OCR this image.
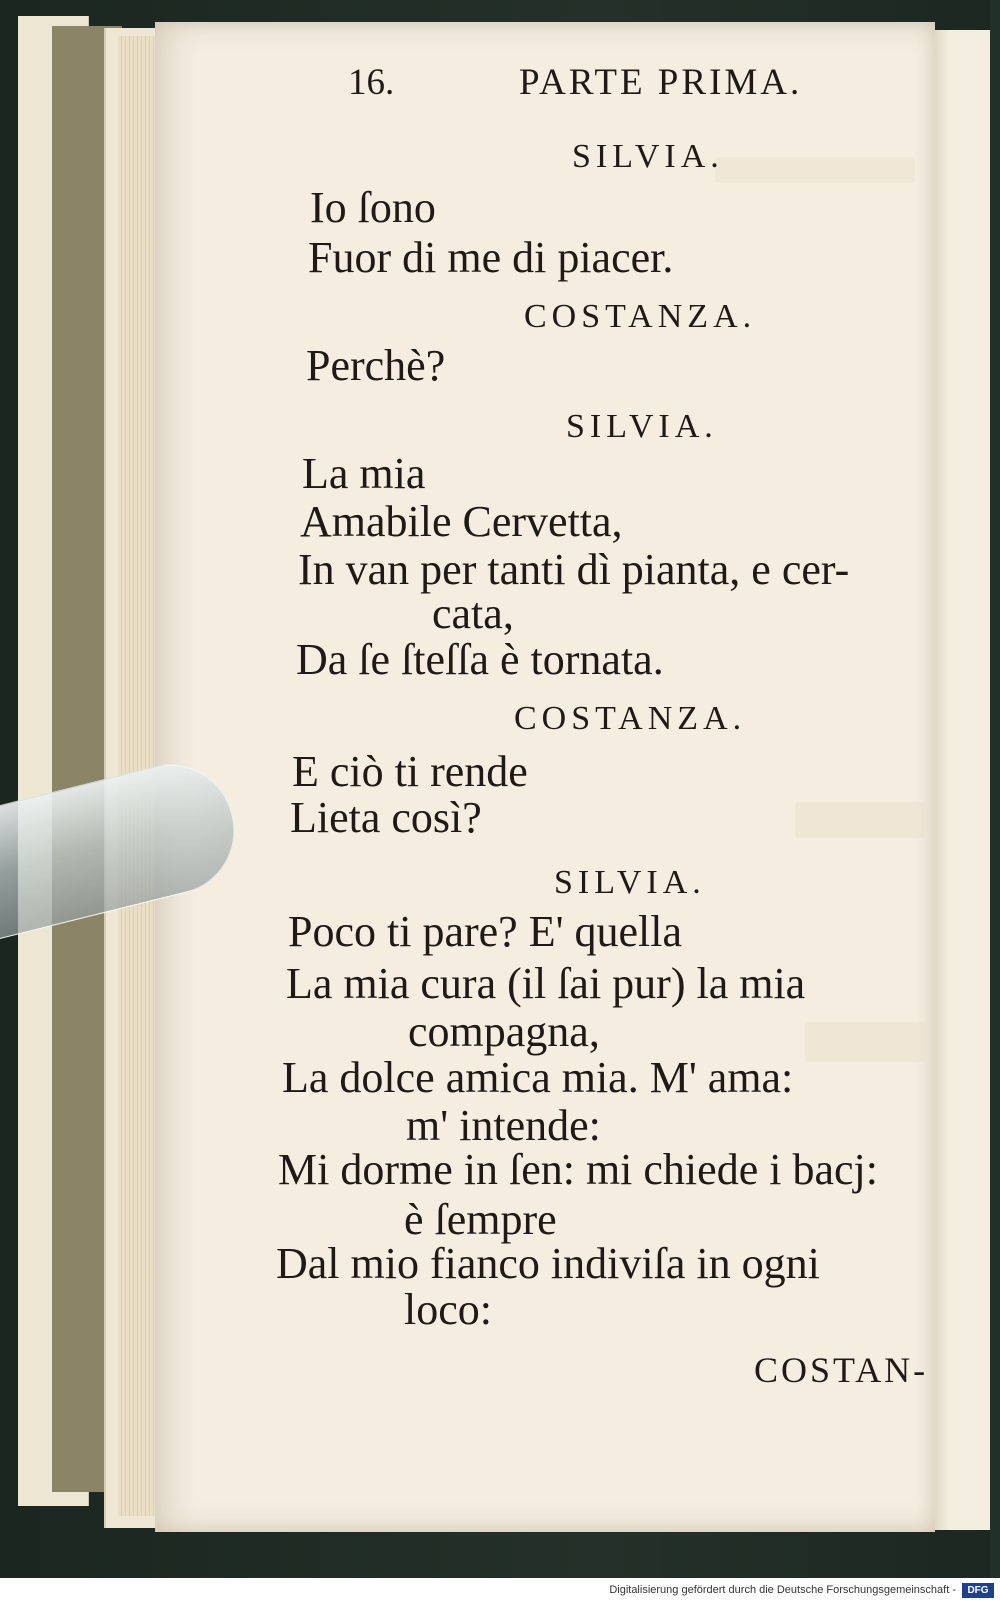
16.	PARTE PRIMA.
SILVIA.
Io ſono
Fuor di me di piacer.
COSTANZA.
Perchè?
SILVIA.
La mia
Amabile Cervetta,
In van per tanti dì pianta, e cer-
cata,
Da ſe ſteſſa è tornata.
COSTANZA.
E ciò ti rende
Lieta così?
SILVIA.
Poco ti pare? E' quella
La mia cura (il ſai pur) la mia
compagna,
La dolce amica mia. M' ama:
m' intende:
Mi dorme in ſen: mi chiede i bacj:
è ſempre
Dal mio fianco indiviſa in ogni
loco:
COSTAN-
Digitalisierung gefördert durch die Deutsche Forschungsgemeinschaft -	DFG
